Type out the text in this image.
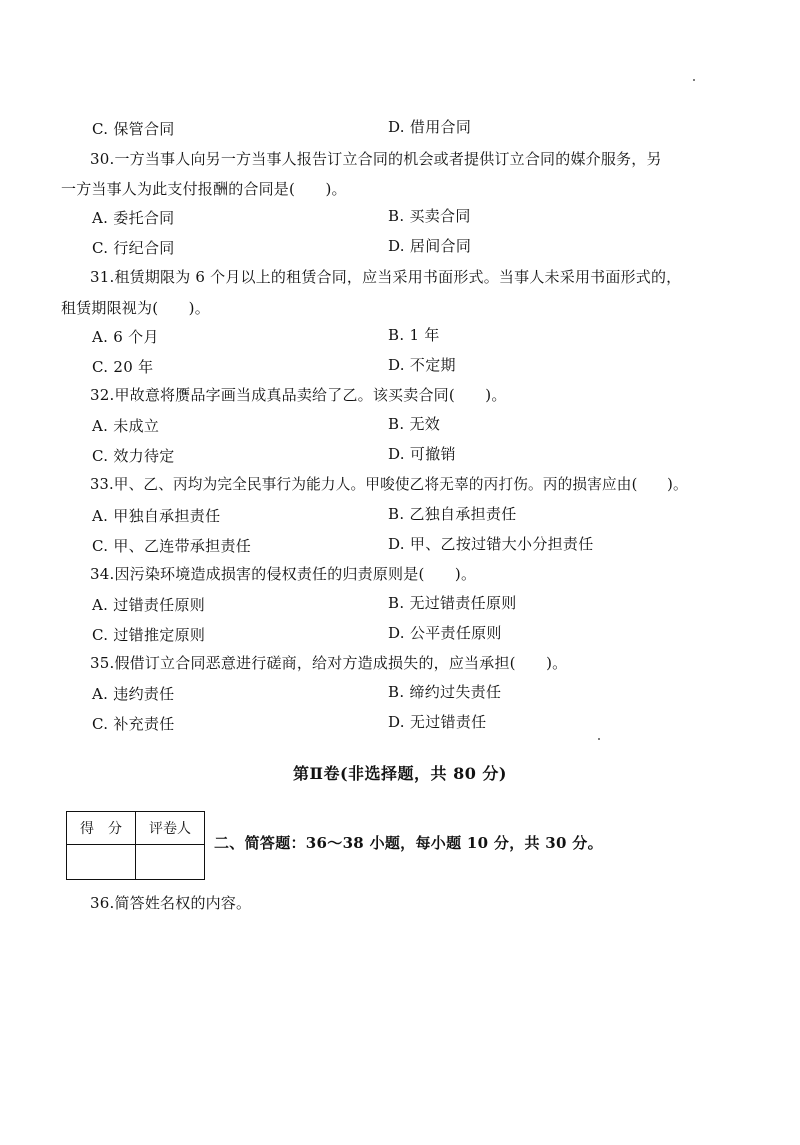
C. 保管合同	D. 借用合同
30.一方当事人向另一方当事人报告订立合同的机会或者提供订立合同的媒介服务，另
一方当事人为此支付报酬的合同是(　　)。
A. 委托合同	B. 买卖合同
C. 行纪合同	D. 居间合同
31.租赁期限为 6 个月以上的租赁合同，应当采用书面形式。当事人未采用书面形式的，
租赁期限视为(　　)。
A. 6 个月	B. 1 年
C. 20 年	D. 不定期
32.甲故意将赝品字画当成真品卖给了乙。该买卖合同(　　)。
A. 未成立	B. 无效
C. 效力待定	D. 可撤销
33.甲、乙、丙均为完全民事行为能力人。甲唆使乙将无辜的丙打伤。丙的损害应由(　　)。
A. 甲独自承担责任	B. 乙独自承担责任
C. 甲、乙连带承担责任	D. 甲、乙按过错大小分担责任
34.因污染环境造成损害的侵权责任的归责原则是(　　)。
A. 过错责任原则	B. 无过错责任原则
C. 过错推定原则	D. 公平责任原则
35.假借订立合同恶意进行磋商，给对方造成损失的，应当承担(　　)。
A. 违约责任	B. 缔约过失责任
C. 补充责任	D. 无过错责任
第Ⅱ卷(非选择题，共 80 分)
得　分	评卷人

二、简答题：36～38 小题，每小题 10 分，共 30 分。
36.简答姓名权的内容。
